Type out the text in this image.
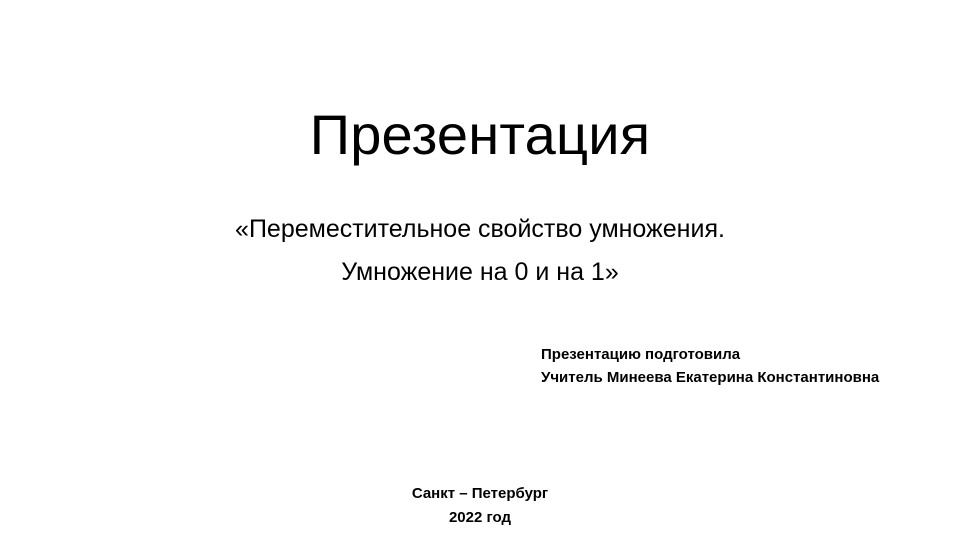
Презентация
«Переместительное свойство умножения.
Умножение на 0 и на 1»
Презентацию подготовила
Учитель Минеева Екатерина Константиновна
Санкт – Петербург
2022 год
